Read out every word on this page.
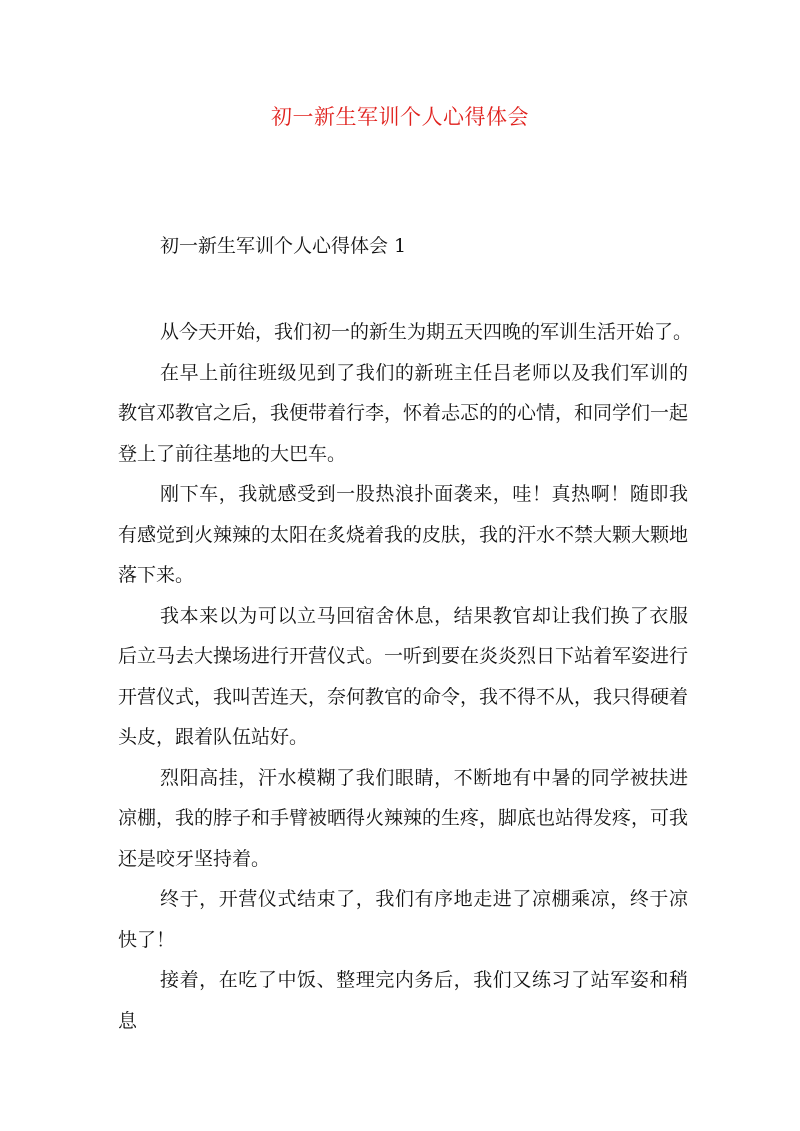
初一新生军训个人心得体会
初一新生军训个人心得体会 1

从今天开始，我们初一的新生为期五天四晚的军训生活开始了。

在早上前往班级见到了我们的新班主任吕老师以及我们军训的教官邓教官之后，我便带着行李，怀着忐忑的的心情，和同学们一起登上了前往基地的大巴车。

刚下车，我就感受到一股热浪扑面袭来，哇！真热啊！随即我有感觉到火辣辣的太阳在炙烧着我的皮肤，我的汗水不禁大颗大颗地落下来。

我本来以为可以立马回宿舍休息，结果教官却让我们换了衣服后立马去大操场进行开营仪式。一听到要在炎炎烈日下站着军姿进行开营仪式，我叫苦连天，奈何教官的命令，我不得不从，我只得硬着头皮，跟着队伍站好。

烈阳高挂，汗水模糊了我们眼睛，不断地有中暑的同学被扶进凉棚，我的脖子和手臂被晒得火辣辣的生疼，脚底也站得发疼，可我还是咬牙坚持着。

终于，开营仪式结束了，我们有序地走进了凉棚乘凉，终于凉快了！

接着，在吃了中饭、整理完内务后，我们又练习了站军姿和稍息
